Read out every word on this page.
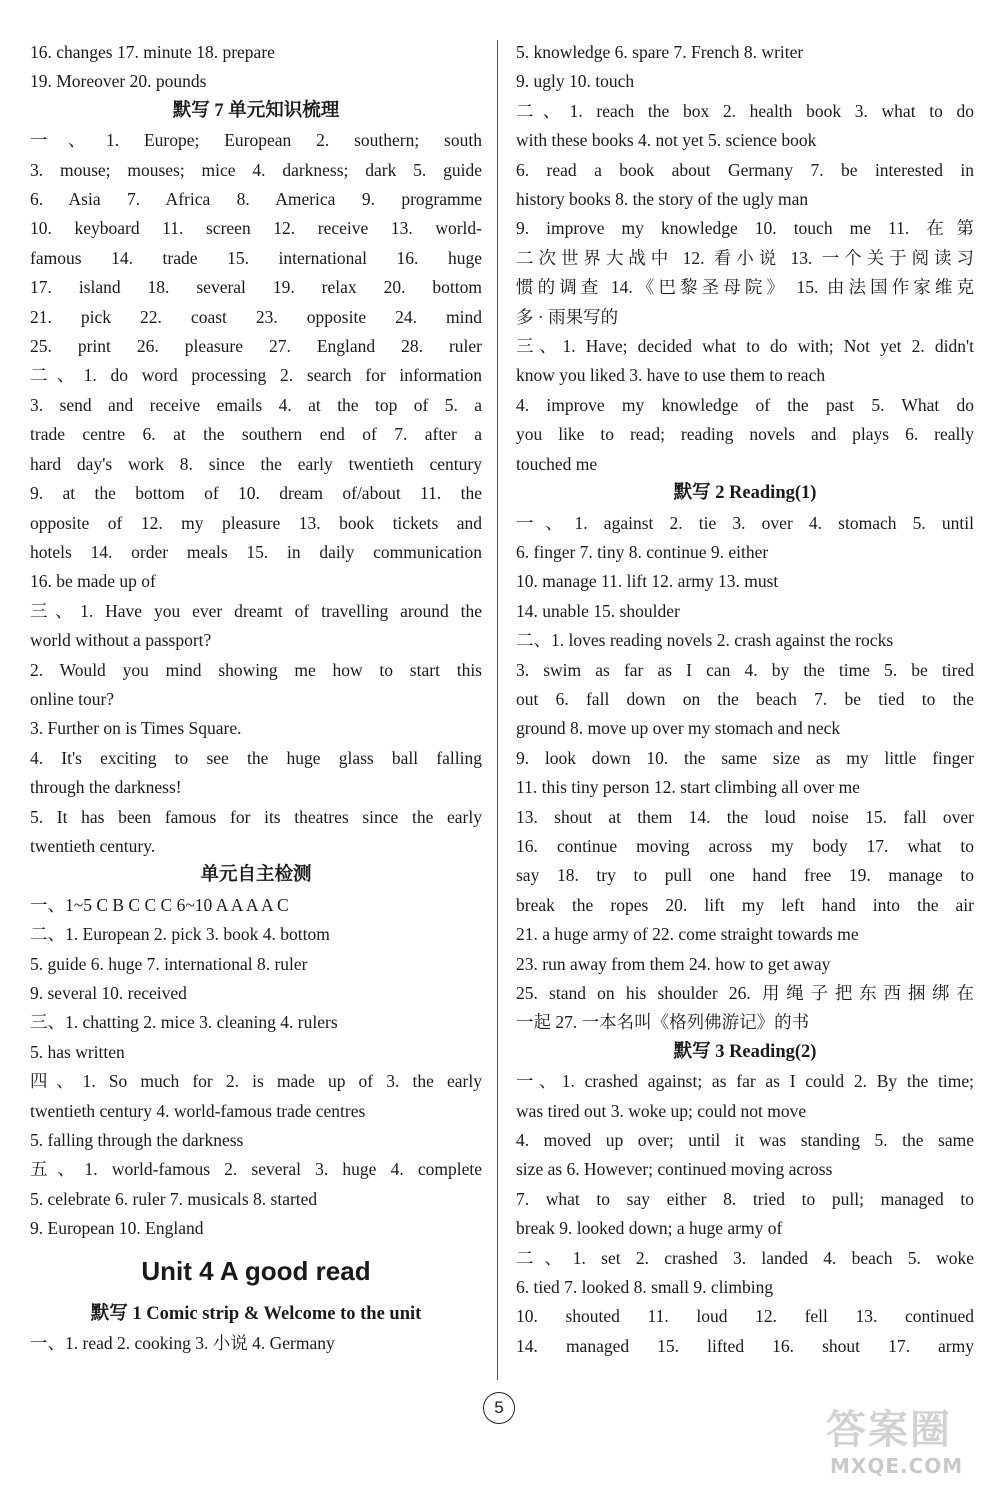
16. changes 17. minute 18. prepare
19. Moreover 20. pounds
默写 7 单元知识梳理
一、1. Europe; European 2. southern; south
3. mouse; mouses; mice 4. darkness; dark 5. guide
6. Asia 7. Africa 8. America 9. programme
10. keyboard 11. screen 12. receive 13. world-
famous 14. trade 15. international 16. huge
17. island 18. several 19. relax 20. bottom
21. pick 22. coast 23. opposite 24. mind
25. print 26. pleasure 27. England 28. ruler
二、1. do word processing 2. search for information
3. send and receive emails 4. at the top of 5. a
trade centre 6. at the southern end of 7. after a
hard day's work 8. since the early twentieth century
9. at the bottom of 10. dream of/about 11. the
opposite of 12. my pleasure 13. book tickets and
hotels 14. order meals 15. in daily communication
16. be made up of
三、1. Have you ever dreamt of travelling around the
world without a passport?
2. Would you mind showing me how to start this
online tour?
3. Further on is Times Square.
4. It's exciting to see the huge glass ball falling
through the darkness!
5. It has been famous for its theatres since the early
twentieth century.
单元自主检测
一、1~5 C B C C C 6~10 A A A A C
二、1. European 2. pick 3. book 4. bottom
5. guide 6. huge 7. international 8. ruler
9. several 10. received
三、1. chatting 2. mice 3. cleaning 4. rulers
5. has written
四、1. So much for 2. is made up of 3. the early
twentieth century 4. world-famous trade centres
5. falling through the darkness
五、1. world-famous 2. several 3. huge 4. complete
5. celebrate 6. ruler 7. musicals 8. started
9. European 10. England
Unit 4 A good read
默写 1 Comic strip & Welcome to the unit
一、1. read 2. cooking 3. 小说 4. Germany
5. knowledge 6. spare 7. French 8. writer
9. ugly 10. touch
二、1. reach the box 2. health book 3. what to do
with these books 4. not yet 5. science book
6. read a book about Germany 7. be interested in
history books 8. the story of the ugly man
9. improve my knowledge 10. touch me 11. 在第
二次世界大战中 12. 看小说 13. 一个关于阅读习
惯的调查 14.《巴黎圣母院》 15. 由法国作家维克
多 · 雨果写的
三、1. Have; decided what to do with; Not yet 2. didn't
know you liked 3. have to use them to reach
4. improve my knowledge of the past 5. What do
you like to read; reading novels and plays 6. really
touched me
默写 2 Reading(1)
一、1. against 2. tie 3. over 4. stomach 5. until
6. finger 7. tiny 8. continue 9. either
10. manage 11. lift 12. army 13. must
14. unable 15. shoulder
二、1. loves reading novels 2. crash against the rocks
3. swim as far as I can 4. by the time 5. be tired
out 6. fall down on the beach 7. be tied to the
ground 8. move up over my stomach and neck
9. look down 10. the same size as my little finger
11. this tiny person 12. start climbing all over me
13. shout at them 14. the loud noise 15. fall over
16. continue moving across my body 17. what to
say 18. try to pull one hand free 19. manage to
break the ropes 20. lift my left hand into the air
21. a huge army of 22. come straight towards me
23. run away from them 24. how to get away
25. stand on his shoulder 26. 用绳子把东西捆绑在
一起 27. 一本名叫《格列佛游记》的书
默写 3 Reading(2)
一、1. crashed against; as far as I could 2. By the time;
was tired out 3. woke up; could not move
4. moved up over; until it was standing 5. the same
size as 6. However; continued moving across
7. what to say either 8. tried to pull; managed to
break 9. looked down; a huge army of
二、1. set 2. crashed 3. landed 4. beach 5. woke
6. tied 7. looked 8. small 9. climbing
10. shouted 11. loud 12. fell 13. continued
14. managed 15. lifted 16. shout 17. army
5	答案圈
MXQE.COM
